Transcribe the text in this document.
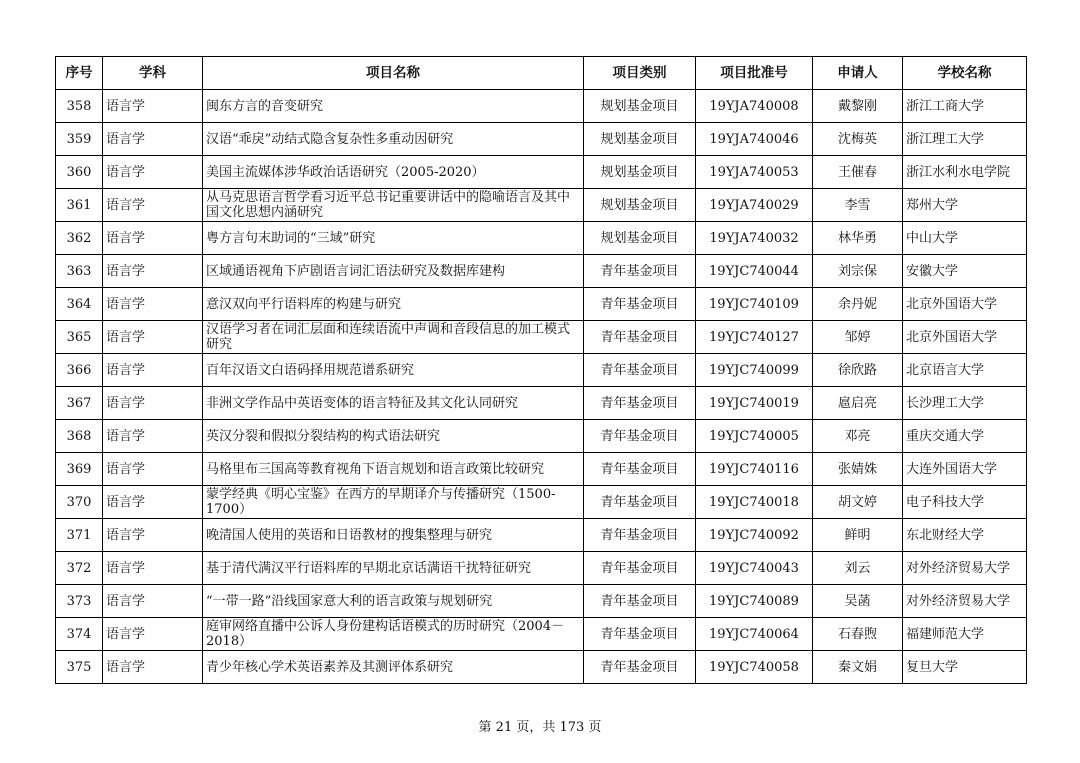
序号	学科	项目名称	项目类别	项目批准号	申请人	学校名称

358	语言学	闽东方言的音变研究	规划基金项目	19YJA740008	戴黎刚	浙江工商大学

359	语言学	汉语“乖戾”动结式隐含复杂性多重动因研究	规划基金项目	19YJA740046	沈梅英	浙江理工大学

360	语言学	美国主流媒体涉华政治话语研究（2005-2020）	规划基金项目	19YJA740053	王催春	浙江水利水电学院

361	语言学	从马克思语言哲学看习近平总书记重要讲话中的隐喻语言及其中国文化思想内涵研究	规划基金项目	19YJA740029	李雪	郑州大学

362	语言学	粤方言句末助词的“三域”研究	规划基金项目	19YJA740032	林华勇	中山大学

363	语言学	区域通语视角下庐剧语言词汇语法研究及数据库建构	青年基金项目	19YJC740044	刘宗保	安徽大学

364	语言学	意汉双向平行语料库的构建与研究	青年基金项目	19YJC740109	余丹妮	北京外国语大学

365	语言学	汉语学习者在词汇层面和连续语流中声调和音段信息的加工模式研究	青年基金项目	19YJC740127	邹婷	北京外国语大学

366	语言学	百年汉语文白语码择用规范谱系研究	青年基金项目	19YJC740099	徐欣路	北京语言大学

367	语言学	非洲文学作品中英语变体的语言特征及其文化认同研究	青年基金项目	19YJC740019	扈启亮	长沙理工大学

368	语言学	英汉分裂和假拟分裂结构的构式语法研究	青年基金项目	19YJC740005	邓亮	重庆交通大学

369	语言学	马格里布三国高等教育视角下语言规划和语言政策比较研究	青年基金项目	19YJC740116	张婧姝	大连外国语大学

370	语言学	蒙学经典《明心宝鉴》在西方的早期译介与传播研究（1500-1700）	青年基金项目	19YJC740018	胡文婷	电子科技大学

371	语言学	晚清国人使用的英语和日语教材的搜集整理与研究	青年基金项目	19YJC740092	鲜明	东北财经大学

372	语言学	基于清代满汉平行语料库的早期北京话满语干扰特征研究	青年基金项目	19YJC740043	刘云	对外经济贸易大学

373	语言学	“一带一路”沿线国家意大利的语言政策与规划研究	青年基金项目	19YJC740089	吴菡	对外经济贸易大学

374	语言学	庭审网络直播中公诉人身份建构话语模式的历时研究（2004－2018）	青年基金项目	19YJC740064	石春煦	福建师范大学

375	语言学	青少年核心学术英语素养及其测评体系研究	青年基金项目	19YJC740058	秦文娟	复旦大学
第 21 页，共 173 页
